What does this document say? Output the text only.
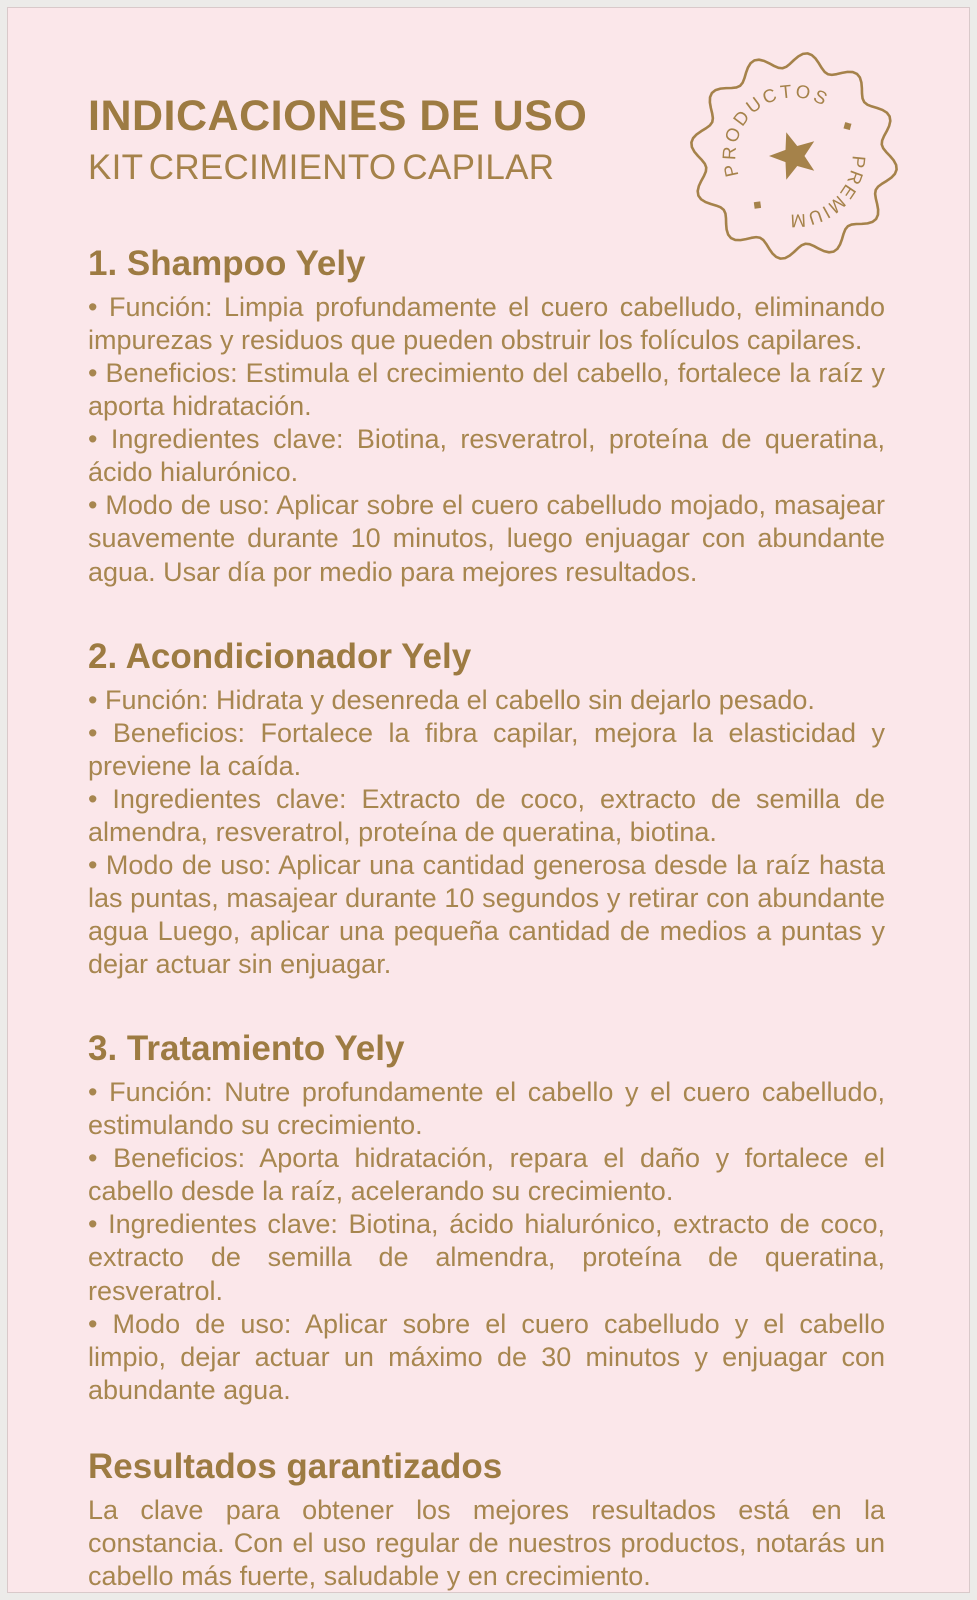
INDICACIONES DE USO
KIT CRECIMIENTO CAPILAR	PRODUCTOS
PREMIUM
◆
◆
1. Shampoo Yely

• Función: Limpia profundamente el cuero cabelludo, eliminando impurezas y residuos que pueden obstruir los folículos capilares.

• Beneficios: Estimula el crecimiento del cabello, fortalece la raíz y aporta hidratación.

• Ingredientes clave: Biotina, resveratrol, proteína de queratina, ácido hialurónico.

• Modo de uso: Aplicar sobre el cuero cabelludo mojado, masajear suavemente durante 10 minutos, luego enjuagar con abundante agua. Usar día por medio para mejores resultados.

2. Acondicionador Yely

• Función: Hidrata y desenreda el cabello sin dejarlo pesado.

• Beneficios: Fortalece la fibra capilar, mejora la elasticidad y previene la caída.

• Ingredientes clave: Extracto de coco, extracto de semilla de almendra, resveratrol, proteína de queratina, biotina.

• Modo de uso: Aplicar una cantidad generosa desde la raíz hasta las puntas, masajear durante 10 segundos y retirar con abundante agua Luego, aplicar una pequeña cantidad de medios a puntas y dejar actuar sin enjuagar.

3. Tratamiento Yely

• Función: Nutre profundamente el cabello y el cuero cabelludo, estimulando su crecimiento.

• Beneficios: Aporta hidratación, repara el daño y fortalece el cabello desde la raíz, acelerando su crecimiento.

• Ingredientes clave: Biotina, ácido hialurónico, extracto de coco, extracto de semilla de almendra, proteína de queratina, resveratrol.

• Modo de uso: Aplicar sobre el cuero cabelludo y el cabello limpio, dejar actuar un máximo de 30 minutos y enjuagar con abundante agua.

Resultados garantizados

La clave para obtener los mejores resultados está en la constancia. Con el uso regular de nuestros productos, notarás un cabello más fuerte, saludable y en crecimiento.
